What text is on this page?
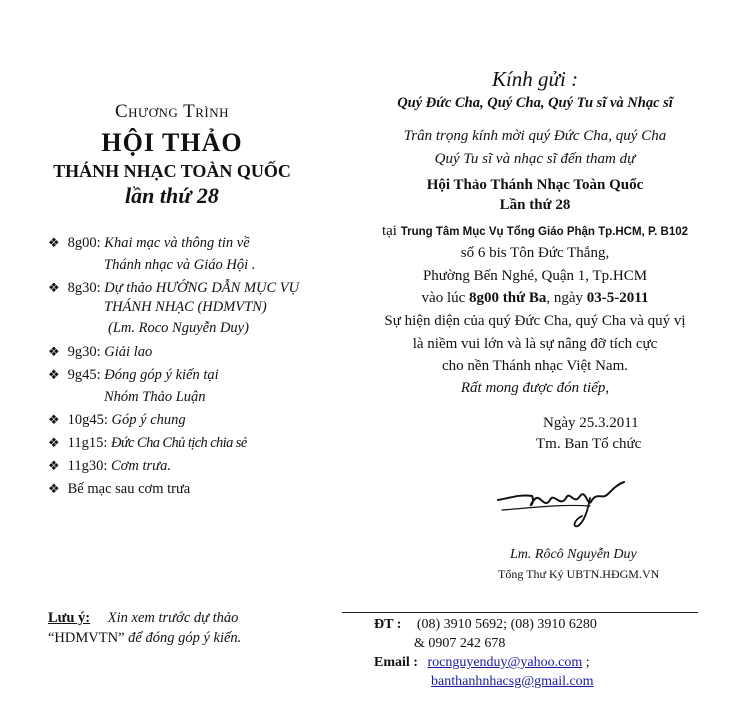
Chương Trình
HỘI THẢO
THÁNH NHẠC TOÀN QUỐC
lần thứ 28
❖ 8g00: Khai mạc và thông tin về
Thánh nhạc và Giáo Hội .
❖ 8g30: Dự thảo HƯỚNG DẪN MỤC VỤ
THÁNH NHẠC (HDMVTN)
(Lm. Roco Nguyễn Duy)
❖ 9g30: Giải lao
❖ 9g45: Đóng góp ý kiến tại
Nhóm Thảo Luận
❖ 10g45: Góp ý chung
❖ 11g15: Đức Cha Chủ tịch chia sẻ
❖ 11g30: Cơm trưa.
❖ Bế mạc sau cơm trưa
Lưu ý: Xin xem trước dự thảo
“HDMVTN” để đóng góp ý kiến.
Kính gửi :
Quý Đức Cha, Quý Cha, Quý Tu sĩ và Nhạc sĩ
Trân trọng kính mời quý Đức Cha, quý Cha
Quý Tu sĩ và nhạc sĩ đến tham dự
Hội Thảo Thánh Nhạc Toàn Quốc
Lần thứ 28
tại Trung Tâm Mục Vụ Tổng Giáo Phận Tp.HCM, P. B102
số 6 bis Tôn Đức Thắng,
Phường Bến Nghé, Quận 1, Tp.HCM
vào lúc 8g00 thứ Ba, ngày 03-5-2011
Sự hiện diện của quý Đức Cha, quý Cha và quý vị
là niềm vui lớn và là sự nâng đỡ tích cực
cho nền Thánh nhạc Việt Nam.
Rất mong được đón tiếp,
Ngày 25.3.2011
Tm. Ban Tổ chức
Lm. Rôcô Nguyễn Duy
Tổng Thư Ký UBTN.HĐGM.VN
ĐT : (08) 3910 5692; (08) 3910 6280
& 0907 242 678
Email : rocnguyenduy@yahoo.com ;
banthanhnhacsg@gmail.com
